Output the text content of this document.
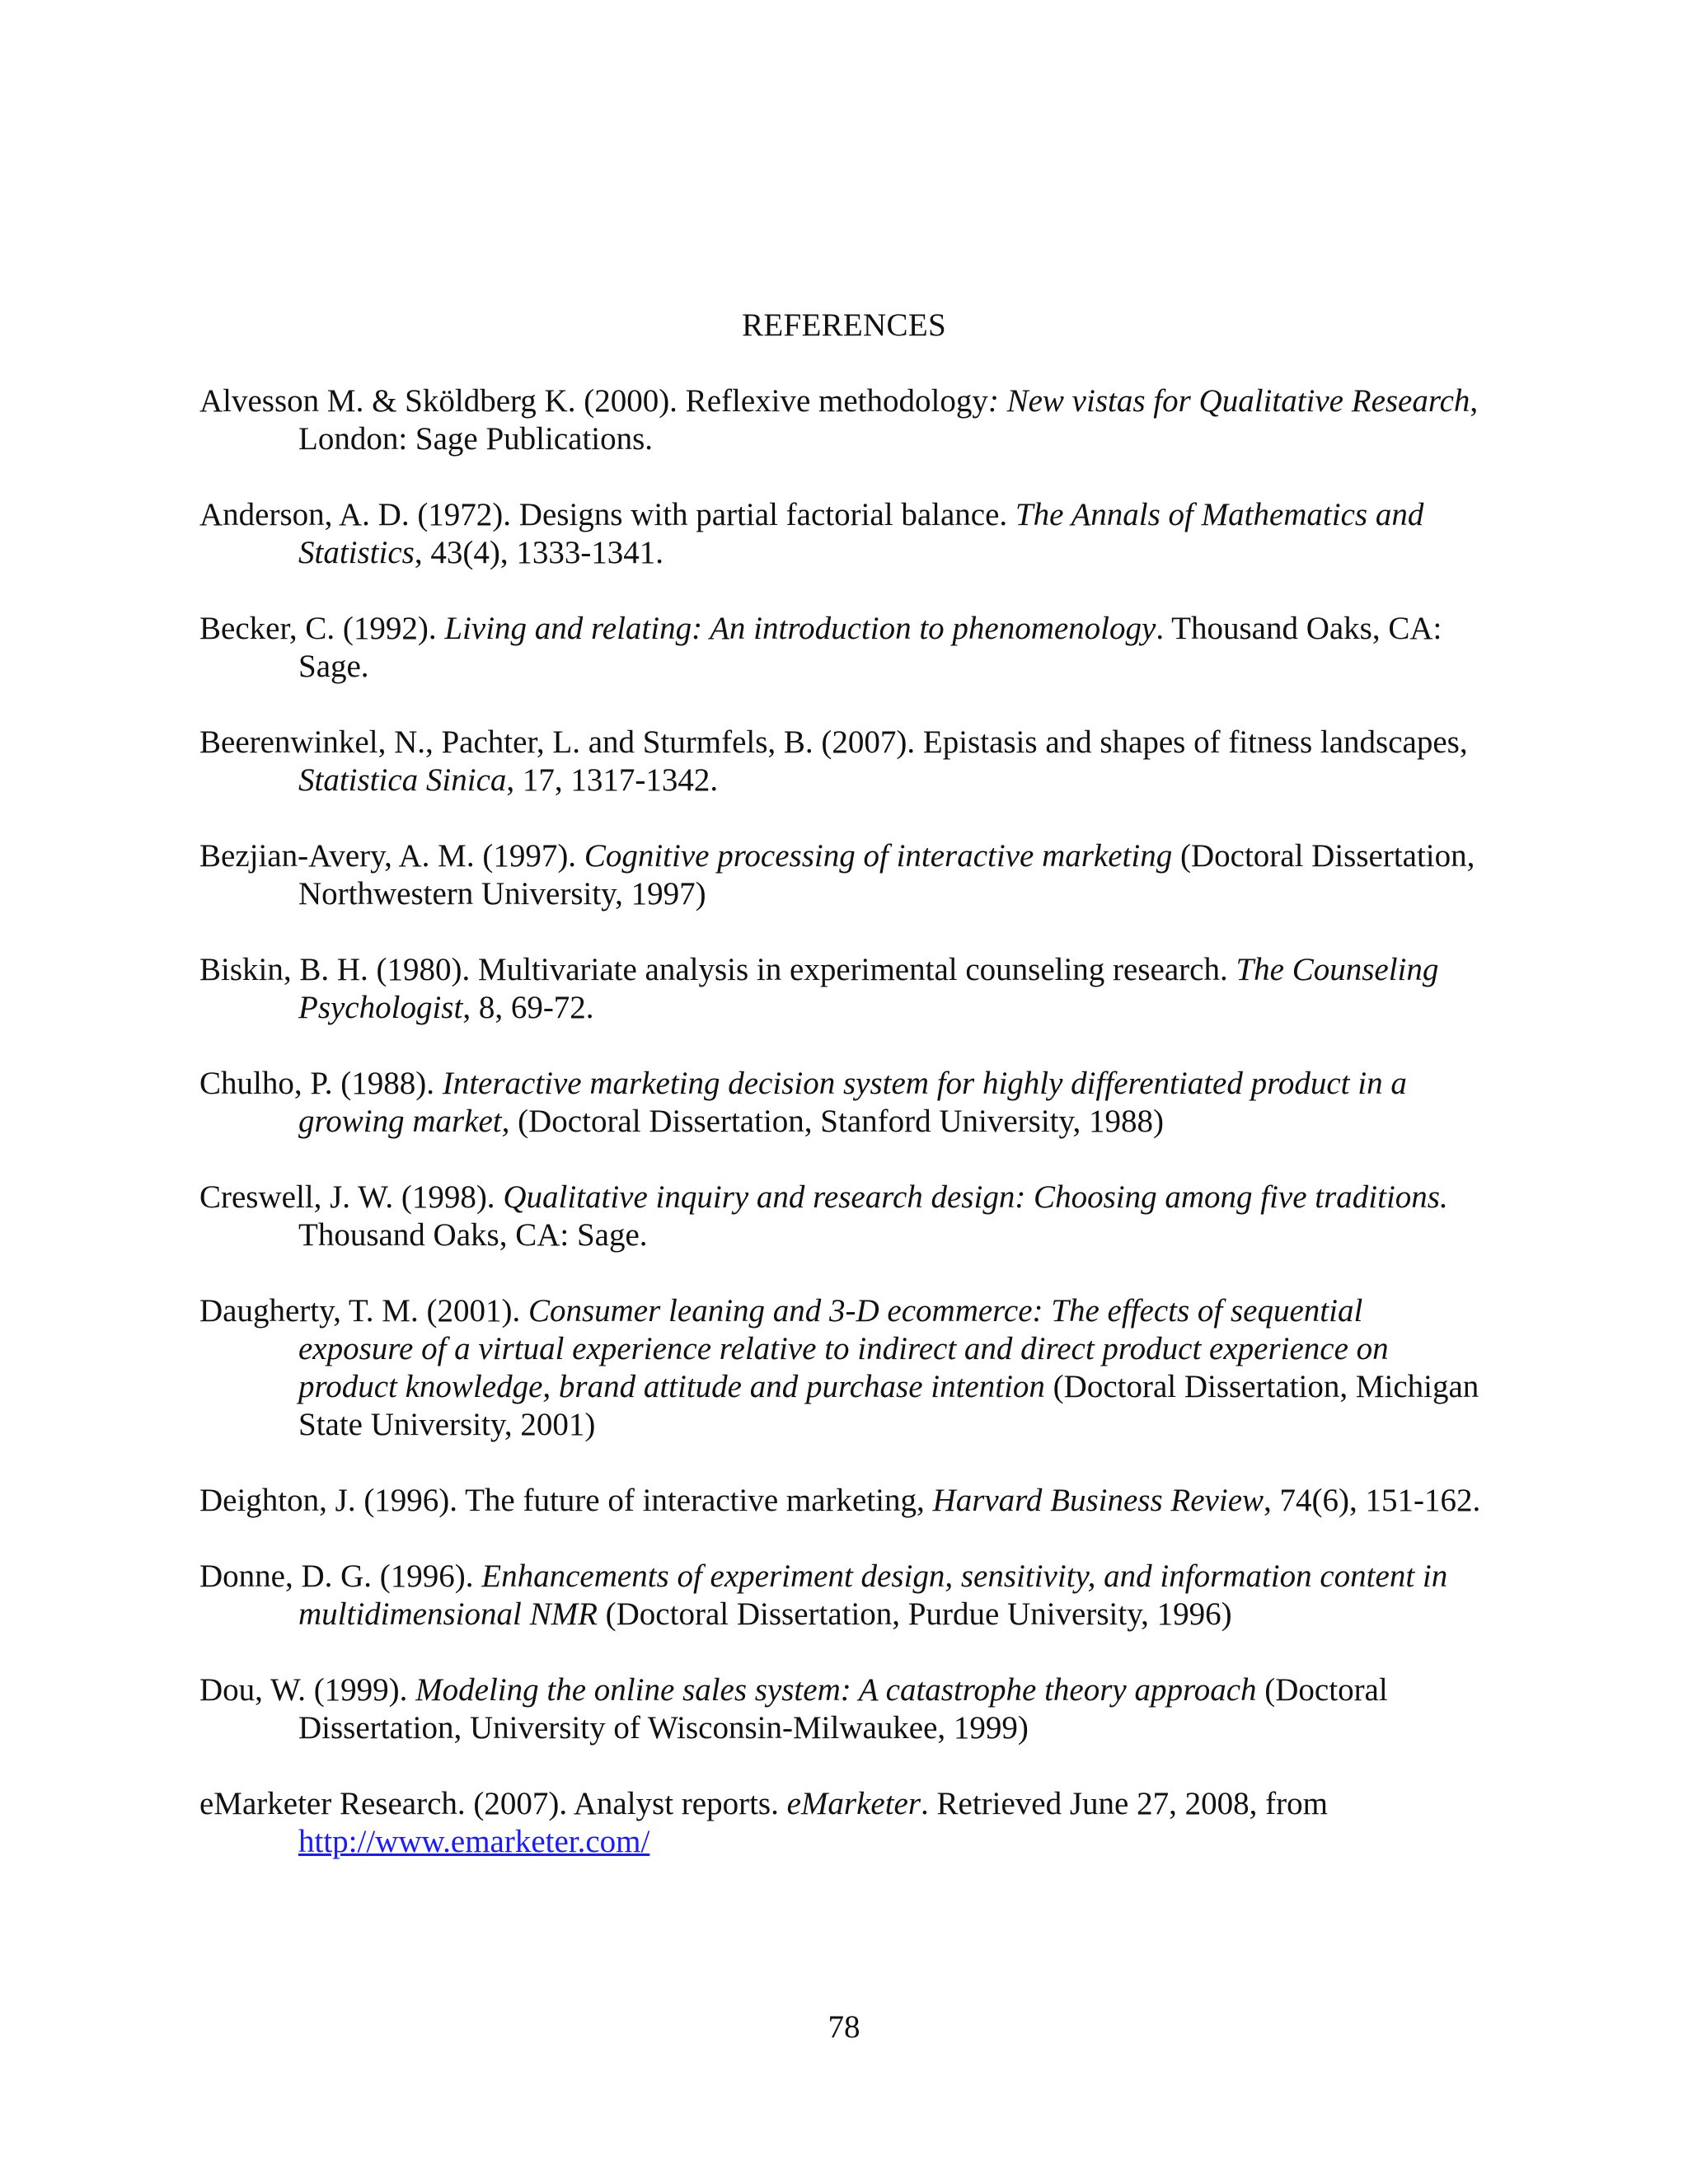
REFERENCES

Alvesson M. & Sköldberg K. (2000). Reflexive methodology: New vistas for Qualitative Research, London: Sage Publications.

Anderson, A. D. (1972). Designs with partial factorial balance. The Annals of Mathematics and Statistics, 43(4), 1333-1341.

Becker, C. (1992). Living and relating: An introduction to phenomenology. Thousand Oaks, CA: Sage.

Beerenwinkel, N., Pachter, L. and Sturmfels, B. (2007). Epistasis and shapes of fitness landscapes, Statistica Sinica, 17, 1317-1342.

Bezjian-Avery, A. M. (1997). Cognitive processing of interactive marketing (Doctoral Dissertation, Northwestern University, 1997)

Biskin, B. H. (1980). Multivariate analysis in experimental counseling research. The Counseling Psychologist, 8, 69-72.

Chulho, P. (1988). Interactive marketing decision system for highly differentiated product in a growing market, (Doctoral Dissertation, Stanford University, 1988)

Creswell, J. W. (1998). Qualitative inquiry and research design: Choosing among five traditions. Thousand Oaks, CA: Sage.

Daugherty, T. M. (2001). Consumer leaning and 3-D ecommerce: The effects of sequential exposure of a virtual experience relative to indirect and direct product experience on product knowledge, brand attitude and purchase intention (Doctoral Dissertation, Michigan State University, 2001)

Deighton, J. (1996). The future of interactive marketing, Harvard Business Review, 74(6), 151-162.

Donne, D. G. (1996). Enhancements of experiment design, sensitivity, and information content in multidimensional NMR (Doctoral Dissertation, Purdue University, 1996)

Dou, W. (1999). Modeling the online sales system: A catastrophe theory approach (Doctoral Dissertation, University of Wisconsin-Milwaukee, 1999)

eMarketer Research. (2007). Analyst reports. eMarketer. Retrieved June 27, 2008, from http://www.emarketer.com/

78
